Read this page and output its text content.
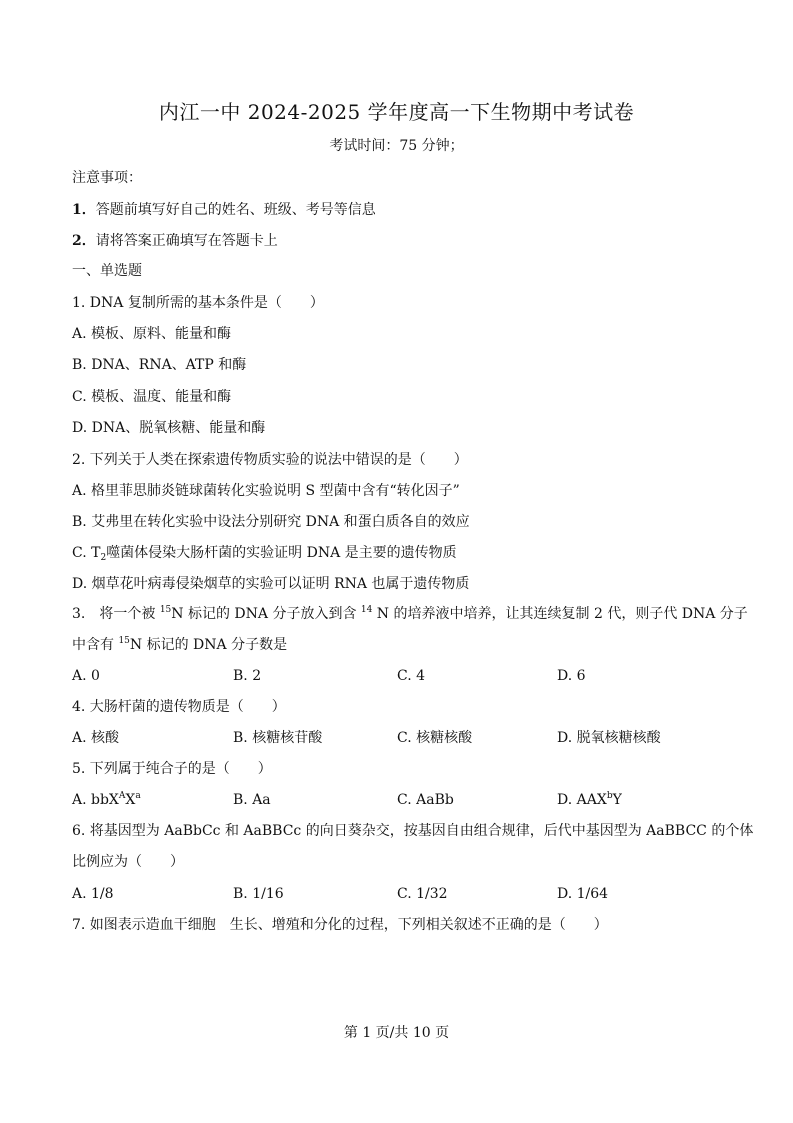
内江一中 2024-2025 学年度高一下生物期中考试卷
考试时间：75 分钟；
注意事项：
1．答题前填写好自己的姓名、班级、考号等信息
2．请将答案正确填写在答题卡上
一、单选题
1. DNA 复制所需的基本条件是（　　）
A. 模板、原料、能量和酶
B. DNA、RNA、ATP 和酶
C. 模板、温度、能量和酶
D. DNA、脱氧核糖、能量和酶
2. 下列关于人类在探索遗传物质实验的说法中错误的是（　　）
A. 格里菲思肺炎链球菌转化实验说明 S 型菌中含有“转化因子”
B. 艾弗里在转化实验中设法分别研究 DNA 和蛋白质各自的效应
C. $T_2$噬菌体侵染大肠杆菌的实验证明 DNA 是主要的遗传物质
D. 烟草花叶病毒侵染烟草的实验可以证明 RNA 也属于遗传物质
3.　将一个被 $^{15}$N 标记的 DNA 分子放入到含 $^{14}$ N 的培养液中培养，让其连续复制 2 代，则子代 DNA 分子
中含有 $^{15}$N 标记的 DNA 分子数是
A. 0	B. 2	C. 4	D. 6
4. 大肠杆菌的遗传物质是（　　）
A. 核酸	B. 核糖核苷酸	C. 核糖核酸	D. 脱氧核糖核酸
5. 下列属于纯合子的是（　　）
A. $bbX^AX^a$	B. Aa	C. AaBb	D. AAX$^b$Y
6. 将基因型为 AaBbCc 和 AaBBCc 的向日葵杂交，按基因自由组合规律，后代中基因型为 AaBBCC 的个体
比例应为（　　）
A. 1/8	B. 1/16	C. 1/32	D. 1/64
7. 如图表示造血干细胞　生长、增殖和分化的过程，下列相关叙述不正确的是（　　）
第 1 页/共 10 页
